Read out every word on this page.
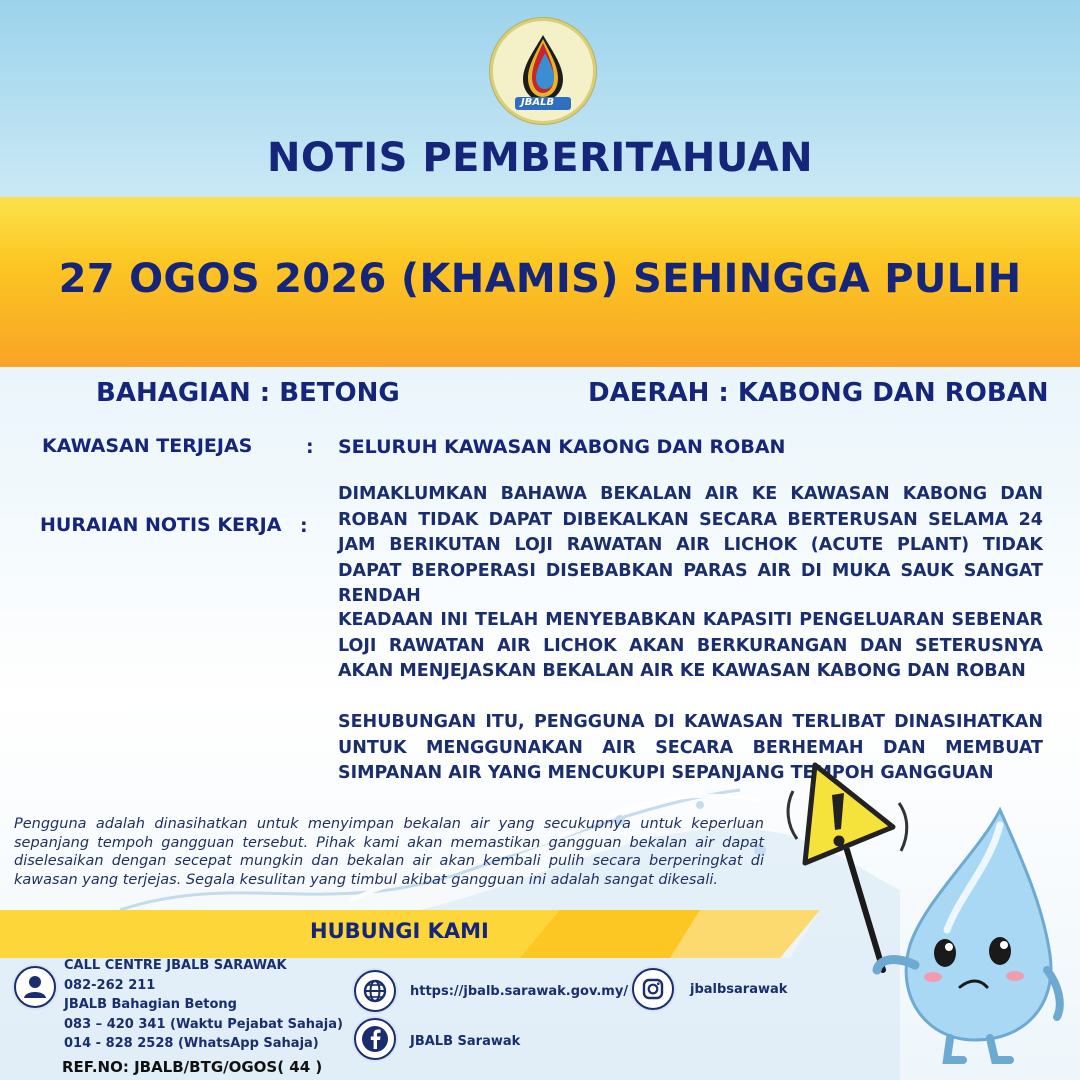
JBALB
NOTIS PEMBERITAHUAN
27 OGOS 2026 (KHAMIS) SEHINGGA PULIH
BAHAGIAN : BETONG	DAERAH : KABONG DAN ROBAN
KAWASAN TERJEJAS	: SELURUH KAWASAN KABONG DAN ROBAN
HURAIAN NOTIS KERJA :
DIMAKLUMKAN BAHAWA BEKALAN AIR KE KAWASAN KABONG DAN ROBAN TIDAK DAPAT DIBEKALKAN SECARA BERTERUSAN SELAMA 24 JAM BERIKUTAN LOJI RAWATAN AIR LICHOK (ACUTE PLANT) TIDAK DAPAT BEROPERASI DISEBABKAN PARAS AIR DI MUKA SAUK SANGAT RENDAH
KEADAAN INI TELAH MENYEBABKAN KAPASITI PENGELUARAN SEBENAR LOJI RAWATAN AIR LICHOK AKAN BERKURANGAN DAN SETERUSNYA AKAN MENJEJASKAN BEKALAN AIR KE KAWASAN KABONG DAN ROBAN
SEHUBUNGAN ITU, PENGGUNA DI KAWASAN TERLIBAT DINASIHATKAN UNTUK MENGGUNAKAN AIR SECARA BERHEMAH DAN MEMBUAT SIMPANAN AIR YANG MENCUKUPI SEPANJANG TEMPOH GANGGUAN
Pengguna adalah dinasihatkan untuk menyimpan bekalan air yang secukupnya untuk keperluan sepanjang tempoh gangguan tersebut. Pihak kami akan memastikan gangguan bekalan air dapat diselesaikan dengan secepat mungkin dan bekalan air akan kembali pulih secara berperingkat di kawasan yang terjejas. Segala kesulitan yang timbul akibat gangguan ini adalah sangat dikesali.
HUBUNGI KAMI
CALL CENTRE JBALB SARAWAK
082-262 211
JBALB Bahagian Betong
083 – 420 341 (Waktu Pejabat Sahaja)
014 - 828 2528 (WhatsApp Sahaja)
https://jbalb.sarawak.gov.my/
JBALB Sarawak
jbalbsarawak
REF.NO: JBALB/BTG/OGOS( 44 )
